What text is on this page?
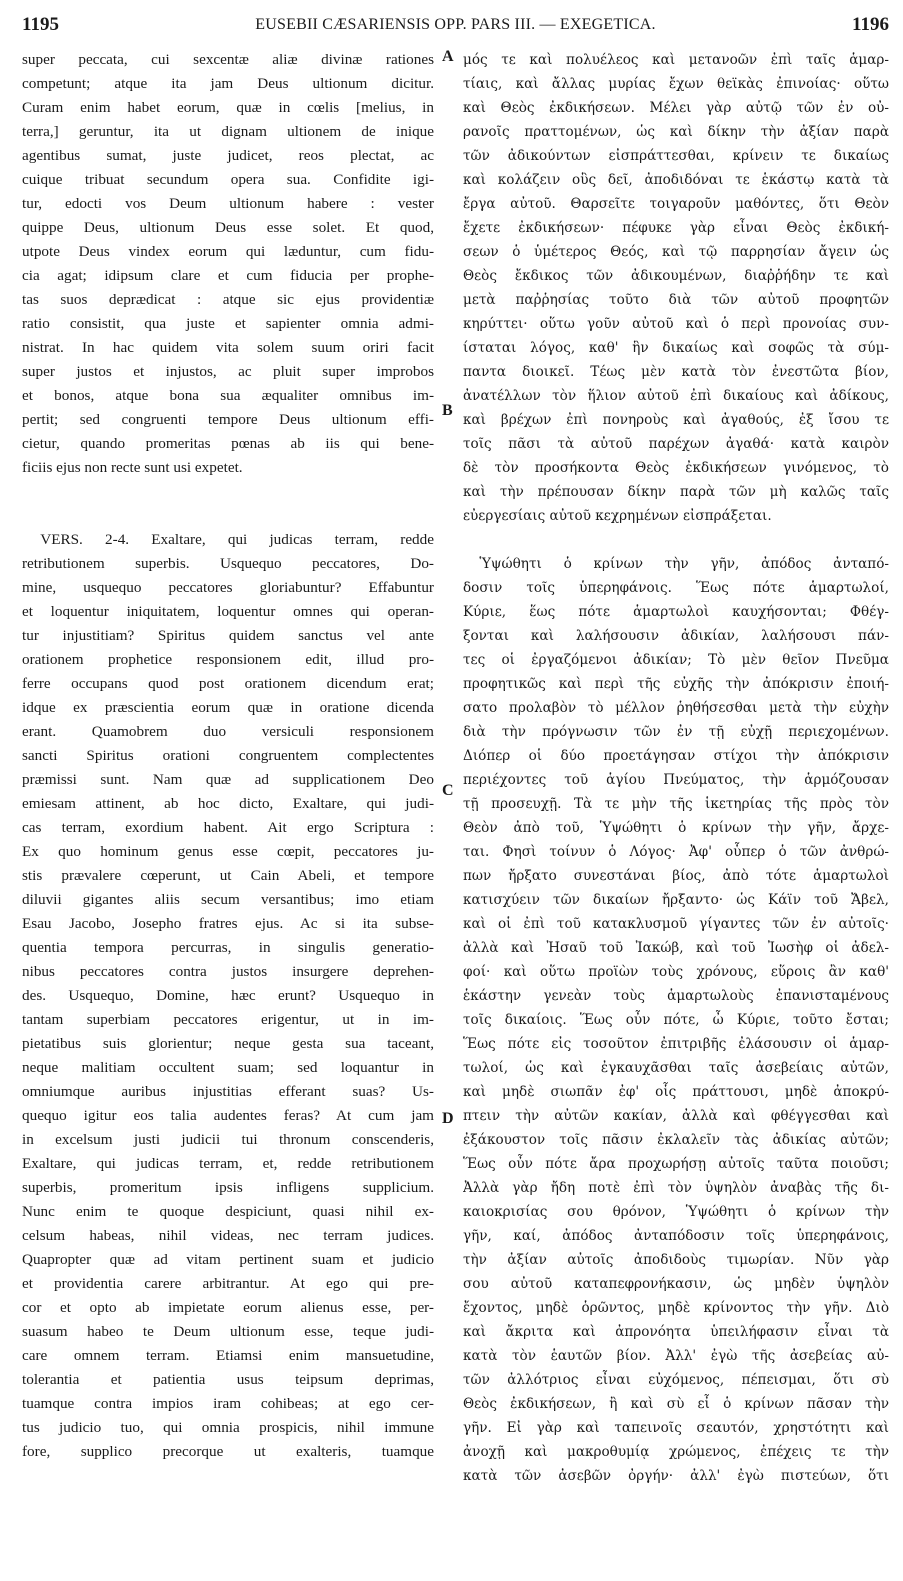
1195	EUSEBII CÆSARIENSIS OPP. PARS III. — EXEGETICA.	1196
super peccata, cui sexcentæ aliæ divinæ rationes
competunt; atque ita jam Deus ultionum dicitur.
Curam enim habet eorum, quæ in cœlis [melius, in
terra,] geruntur, ita ut dignam ultionem de inique
agentibus sumat, juste judicet, reos plectat, ac
cuique tribuat secundum opera sua. Confidite igi-
tur, edocti vos Deum ultionum habere : vester
quippe Deus, ultionum Deus esse solet. Et quod,
utpote Deus vindex eorum qui læduntur, cum fidu-
cia agat; idipsum clare et cum fiducia per prophe-
tas suos deprædicat : atque sic ejus providentiæ
ratio consistit, qua juste et sapienter omnia admi-
nistrat. In hac quidem vita solem suum oriri facit
super justos et injustos, ac pluit super improbos
et bonos, atque bona sua æqualiter omnibus im-
pertit; sed congruenti tempore Deus ultionum effi-
cietur, quando promeritas pœnas ab iis qui bene-
ficiis ejus non recte sunt usi expetet.
VERS. 2-4. Exaltare, qui judicas terram, redde
retributionem superbis. Usquequo peccatores, Do-
mine, usquequo peccatores gloriabuntur? Effabuntur
et loquentur iniquitatem, loquentur omnes qui operan-
tur injustitiam? Spiritus quidem sanctus vel ante
orationem prophetice responsionem edit, illud pro-
ferre occupans quod post orationem dicendum erat;
idque ex præscientia eorum quæ in oratione dicenda
erant. Quamobrem duo versiculi responsionem
sancti Spiritus orationi congruentem complectentes
præmissi sunt. Nam quæ ad supplicationem Deo
emiesam attinent, ab hoc dicto, Exaltare, qui judi-
cas terram, exordium habent. Ait ergo Scriptura :
Ex quo hominum genus esse cœpit, peccatores ju-
stis prævalere cœperunt, ut Cain Abeli, et tempore
diluvii gigantes aliis secum versantibus; imo etiam
Esau Jacobo, Josepho fratres ejus. Ac si ita subse-
quentia tempora percurras, in singulis generatio-
nibus peccatores contra justos insurgere deprehen-
des. Usquequo, Domine, hæc erunt? Usquequo in
tantam superbiam peccatores erigentur, ut in im-
pietatibus suis glorientur; neque gesta sua taceant,
neque malitiam occultent suam; sed loquantur in
omniumque auribus injustitias efferant suas? Us-
quequo igitur eos talia audentes feras? At cum jam
in excelsum justi judicii tui thronum conscenderis,
Exaltare, qui judicas terram, et, redde retributionem
superbis, promeritum ipsis infligens supplicium.
Nunc enim te quoque despiciunt, quasi nihil ex-
celsum habeas, nihil videas, nec terram judices.
Quapropter quæ ad vitam pertinent suam et judicio
et providentia carere arbitrantur. At ego qui pre-
cor et opto ab impietate eorum alienus esse, per-
suasum habeo te Deum ultionum esse, teque judi-
care omnem terram. Etiamsi enim mansuetudine,
tolerantia et patientia usus teipsum deprimas,
tuamque contra impios iram cohibeas; at ego cer-
tus judicio tuo, qui omnia prospicis, nihil immune
fore, supplico precorque ut exalteris, tuamque
μός τε καὶ πολυέλεος καὶ μετανοῶν ἐπὶ ταῖς ἁμαρ-
τίαις, καὶ ἄλλας μυρίας ἔχων θεϊκὰς ἐπινοίας· οὕτω
καὶ Θεὸς ἐκδικήσεων. Μέλει γὰρ αὐτῷ τῶν ἐν οὐ-
ρανοῖς πραττομένων, ὡς καὶ δίκην τὴν ἀξίαν παρὰ
τῶν ἀδικούντων εἰσπράττεσθαι, κρίνειν τε δικαίως
καὶ κολάζειν οὓς δεῖ, ἀποδιδόναι τε ἑκάστῳ κατὰ τὰ
ἔργα αὐτοῦ. Θαρσεῖτε τοιγαροῦν μαθόντες, ὅτι Θεὸν
ἔχετε ἐκδικήσεων· πέφυκε γὰρ εἶναι Θεὸς ἐκδική-
σεων ὁ ὑμέτερος Θεός, καὶ τῷ παρρησίαν ἄγειν ὡς
Θεὸς ἔκδικος τῶν ἀδικουμένων, διαῤῥήδην τε καὶ
μετὰ παῤῥησίας τοῦτο διὰ τῶν αὐτοῦ προφητῶν
κηρύττει· οὕτω γοῦν αὐτοῦ καὶ ὁ περὶ προνοίας συν-
ίσταται λόγος, καθ' ἣν δικαίως καὶ σοφῶς τὰ σύμ-
παντα διοικεῖ. Τέως μὲν κατὰ τὸν ἐνεστῶτα βίον,
ἀνατέλλων τὸν ἥλιον αὐτοῦ ἐπὶ δικαίους καὶ ἀδίκους,
καὶ βρέχων ἐπὶ πονηροὺς καὶ ἀγαθούς, ἐξ ἴσου τε
τοῖς πᾶσι τὰ αὐτοῦ παρέχων ἀγαθά· κατὰ καιρὸν
δὲ τὸν προσήκοντα Θεὸς ἐκδικήσεων γινόμενος, τὸ
καὶ τὴν πρέπουσαν δίκην παρὰ τῶν μὴ καλῶς ταῖς
εὐεργεσίαις αὐτοῦ κεχρημένων εἰσπράξεται.
Ὑψώθητι ὁ κρίνων τὴν γῆν, ἀπόδος ἀνταπό-
δοσιν τοῖς ὑπερηφάνοις. Ἕως πότε ἁμαρτωλοί,
Κύριε, ἕως πότε ἁμαρτωλοὶ καυχήσονται; Φθέγ-
ξονται καὶ λαλήσουσιν ἀδικίαν, λαλήσουσι πάν-
τες οἱ ἐργαζόμενοι ἀδικίαν; Τὸ μὲν θεῖον Πνεῦμα
προφητικῶς καὶ περὶ τῆς εὐχῆς τὴν ἀπόκρισιν ἐποιή-
σατο προλαβὸν τὸ μέλλον ῥηθήσεσθαι μετὰ τὴν εὐχὴν
διὰ τὴν πρόγνωσιν τῶν ἐν τῇ εὐχῇ περιεχομένων.
Διόπερ οἱ δύο προετάγησαν στίχοι τὴν ἀπόκρισιν
περιέχοντες τοῦ ἁγίου Πνεύματος, τὴν ἁρμόζουσαν
τῇ προσευχῇ. Τὰ τε μὴν τῆς ἱκετηρίας τῆς πρὸς τὸν
Θεὸν ἀπὸ τοῦ, Ὑψώθητι ὁ κρίνων τὴν γῆν, ἄρχε-
ται. Φησὶ τοίνυν ὁ Λόγος· Ἀφ' οὗπερ ὁ τῶν ἀνθρώ-
πων ἤρξατο συνεστάναι βίος, ἀπὸ τότε ἁμαρτωλοὶ
κατισχύειν τῶν δικαίων ἤρξαντο· ὡς Κάϊν τοῦ Ἄβελ,
καὶ οἱ ἐπὶ τοῦ κατακλυσμοῦ γίγαντες τῶν ἐν αὐτοῖς·
ἀλλὰ καὶ Ἠσαῦ τοῦ Ἰακώβ, καὶ τοῦ Ἰωσὴφ οἱ ἀδελ-
φοί· καὶ οὕτω προϊὼν τοὺς χρόνους, εὕροις ἂν καθ'
ἑκάστην γενεὰν τοὺς ἁμαρτωλοὺς ἐπανισταμένους
τοῖς δικαίοις. Ἕως οὖν πότε, ὦ Κύριε, τοῦτο ἔσται;
Ἕως πότε εἰς τοσοῦτον ἐπιτριβῆς ἐλάσουσιν οἱ ἁμαρ-
τωλοί, ὡς καὶ ἐγκαυχᾶσθαι ταῖς ἀσεβείαις αὐτῶν,
καὶ μηδὲ σιωπᾶν ἐφ' οἷς πράττουσι, μηδὲ ἀποκρύ-
πτειν τὴν αὐτῶν κακίαν, ἀλλὰ καὶ φθέγγεσθαι καὶ
ἐξάκουστον τοῖς πᾶσιν ἐκλαλεῖν τὰς ἀδικίας αὐτῶν;
Ἕως οὖν πότε ἄρα προχωρήσῃ αὐτοῖς ταῦτα ποιοῦσι;
Ἀλλὰ γὰρ ἤδη ποτὲ ἐπὶ τὸν ὑψηλὸν ἀναβὰς τῆς δι-
καιοκρισίας σου θρόνον, Ὑψώθητι ὁ κρίνων τὴν
γῆν, καί, ἀπόδος ἀνταπόδοσιν τοῖς ὑπερηφάνοις,
τὴν ἀξίαν αὐτοῖς ἀποδιδοὺς τιμωρίαν. Νῦν γὰρ
σου αὐτοῦ καταπεφρονήκασιν, ὡς μηδὲν ὑψηλὸν
ἔχοντος, μηδὲ ὁρῶντος, μηδὲ κρίνοντος τὴν γῆν. Διὸ
καὶ ἄκριτα καὶ ἀπρονόητα ὑπειλήφασιν εἶναι τὰ
κατὰ τὸν ἑαυτῶν βίον. Ἀλλ' ἐγὼ τῆς ἀσεβείας αὐ-
τῶν ἀλλότριος εἶναι εὐχόμενος, πέπεισμαι, ὅτι σὺ
Θεὸς ἐκδικήσεων, ἢ καὶ σὺ εἶ ὁ κρίνων πᾶσαν τὴν
γῆν. Εἰ γὰρ καὶ ταπεινοῖς σεαυτόν, χρηστότητι καὶ
ἀνοχῇ καὶ μακροθυμίᾳ χρώμενος, ἐπέχεις τε τὴν
κατὰ τῶν ἀσεβῶν ὀργήν· ἀλλ' ἐγὼ πιστεύων, ὅτι
A
B
C
D
